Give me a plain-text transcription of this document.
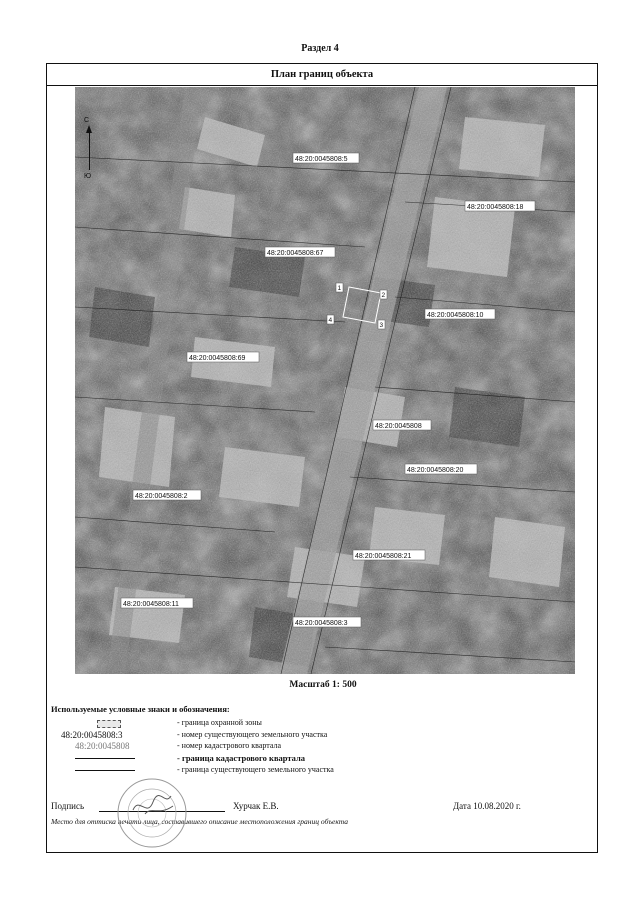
Раздел 4
План границ объекта
1
2
3
4
48:20:0045808:5
48:20:0045808:18
48:20:0045808:67
48:20:0045808:10
48:20:0045808:69
48:20:0045808
48:20:0045808:20
48:20:0045808:2
48:20:0045808:21
48:20:0045808:11
48:20:0045808:3
С
Ю
Масштаб 1: 500
Используемые условные знаки и обозначения:
- граница охранной зоны
48:20:0045808:3	- номер существующего земельного участка
48:20:0045808	- номер кадастрового квартала
- граница кадастрового квартала
- граница существующего земельного участка
Подпись	Хурчак Е.В.	Дата 10.08.2020 г.
Место для оттиска печати лица, составившего описание местоположения границ объекта
